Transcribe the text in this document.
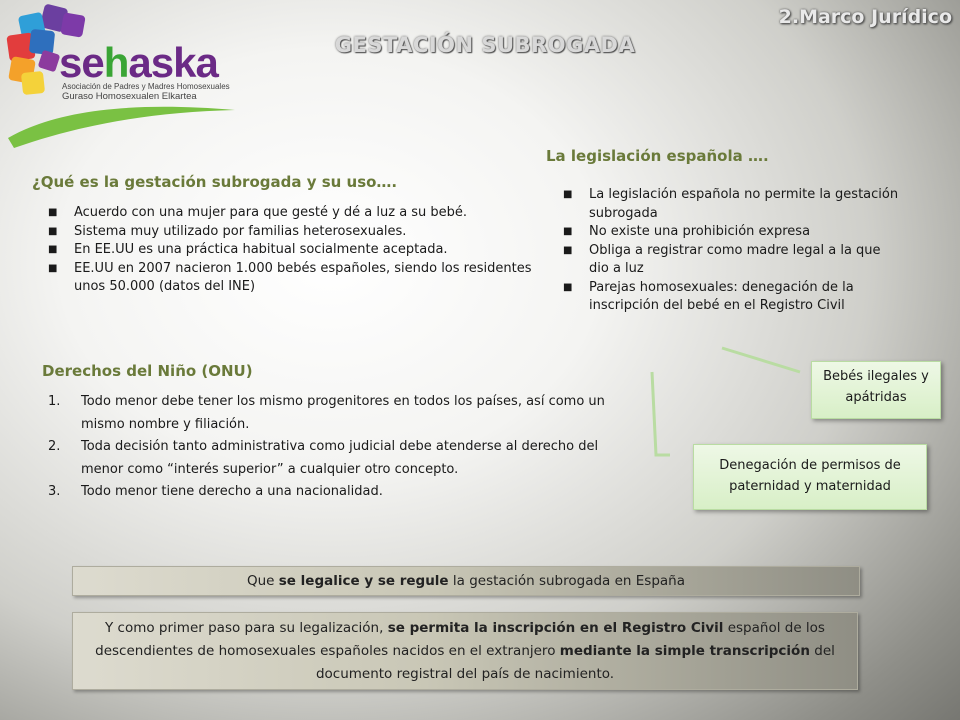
sehaska
Asociación de Padres y Madres Homosexuales
Guraso Homosexualen Elkartea
2.Marco Jurídico
GESTACIÓN SUBROGADA
¿Qué es la gestación subrogada y su uso….
■ Acuerdo con una mujer para que gesté y dé a luz a su bebé.
■ Sistema muy utilizado por familias heterosexuales.
■ En EE.UU es una práctica habitual socialmente aceptada.
■ EE.UU en 2007 nacieron 1.000 bebés españoles, siendo los residentes unos 50.000 (datos del INE)
La legislación española ….
■ La legislación española no permite la gestación subrogada
■ No existe una prohibición expresa
■ Obliga a registrar como madre legal a la que dio a luz
■ Parejas homosexuales: denegación de la inscripción del bebé en el Registro Civil
Derechos del Niño (ONU)
1. Todo menor debe tener los mismo progenitores en todos los países, así como un mismo nombre y filiación.
2. Toda decisión tanto administrativa como judicial debe atenderse al derecho del menor como “interés superior” a cualquier otro concepto.
3. Todo menor tiene derecho a una nacionalidad.
Bebés ilegales y apátridas
Denegación de permisos de paternidad y maternidad
Que se legalice y se regule la gestación subrogada en España
Y como primer paso para su legalización, se permita la inscripción en el Registro Civil español de los descendientes de homosexuales españoles nacidos en el extranjero mediante la simple transcripción del documento registral del país de nacimiento.
